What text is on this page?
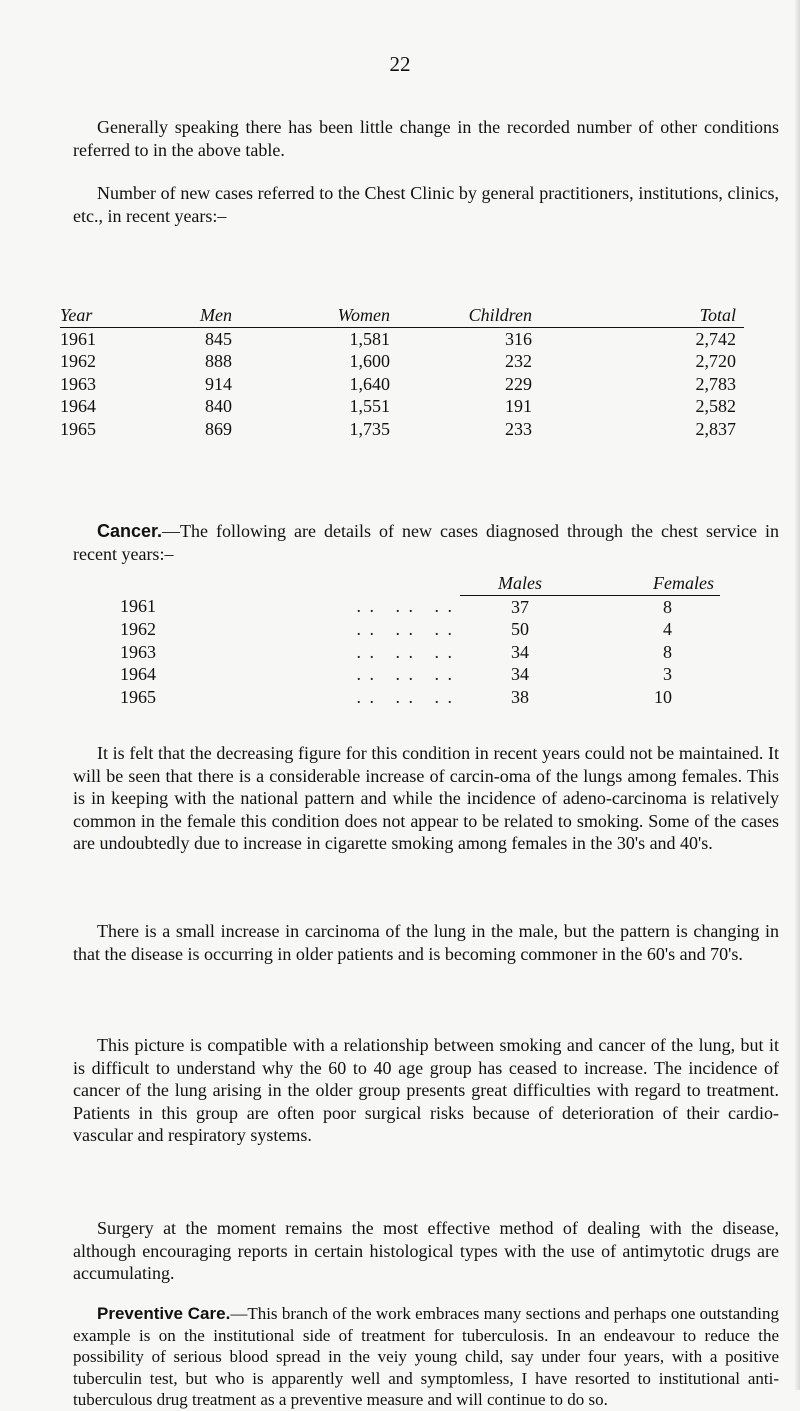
22

Generally speaking there has been little change in the recorded number of other conditions referred to in the above table.

Number of new cases referred to the Chest Clinic by general practitioners, institutions, clinics, etc., in recent years:–

Year	Men	Women	Children	Total
1961	845	1,581	316	2,742
1962	888	1,600	232	2,720
1963	914	1,640	229	2,783
1964	840	1,551	191	2,582
1965	869	1,735	233	2,837

Cancer.—The following are details of new cases diagnosed through the chest service in recent years:–

			Males	Females
	1961	. .   . .   . .	37	8
	1962	. .   . .   . .	50	4
	1963	. .   . .   . .	34	8
	1964	. .   . .   . .	34	3
	1965	. .   . .   . .	38	10

It is felt that the decreasing figure for this condition in recent years could not be maintained. It will be seen that there is a considerable increase of carcin-oma of the lungs among females. This is in keeping with the national pattern and while the incidence of adeno-carcinoma is relatively common in the female this condition does not appear to be related to smoking. Some of the cases are undoubtedly due to increase in cigarette smoking among females in the 30's and 40's.

There is a small increase in carcinoma of the lung in the male, but the pattern is changing in that the disease is occurring in older patients and is becoming commoner in the 60's and 70's.

This picture is compatible with a relationship between smoking and cancer of the lung, but it is difficult to understand why the 60 to 40 age group has ceased to increase. The incidence of cancer of the lung arising in the older group presents great difficulties with regard to treatment. Patients in this group are often poor surgical risks because of deterioration of their cardio-vascular and respiratory systems.

Surgery at the moment remains the most effective method of dealing with the disease, although encouraging reports in certain histological types with the use of antimytotic drugs are accumulating.

Preventive Care.—This branch of the work embraces many sections and perhaps one outstanding example is on the institutional side of treatment for tuberculosis. In an endeavour to reduce the possibility of serious blood spread in the veiy young child, say under four years, with a positive tuberculin test, but who is apparently well and symptomless, I have resorted to institutional anti-tuberculous drug treatment as a preventive measure and will continue to do so.
